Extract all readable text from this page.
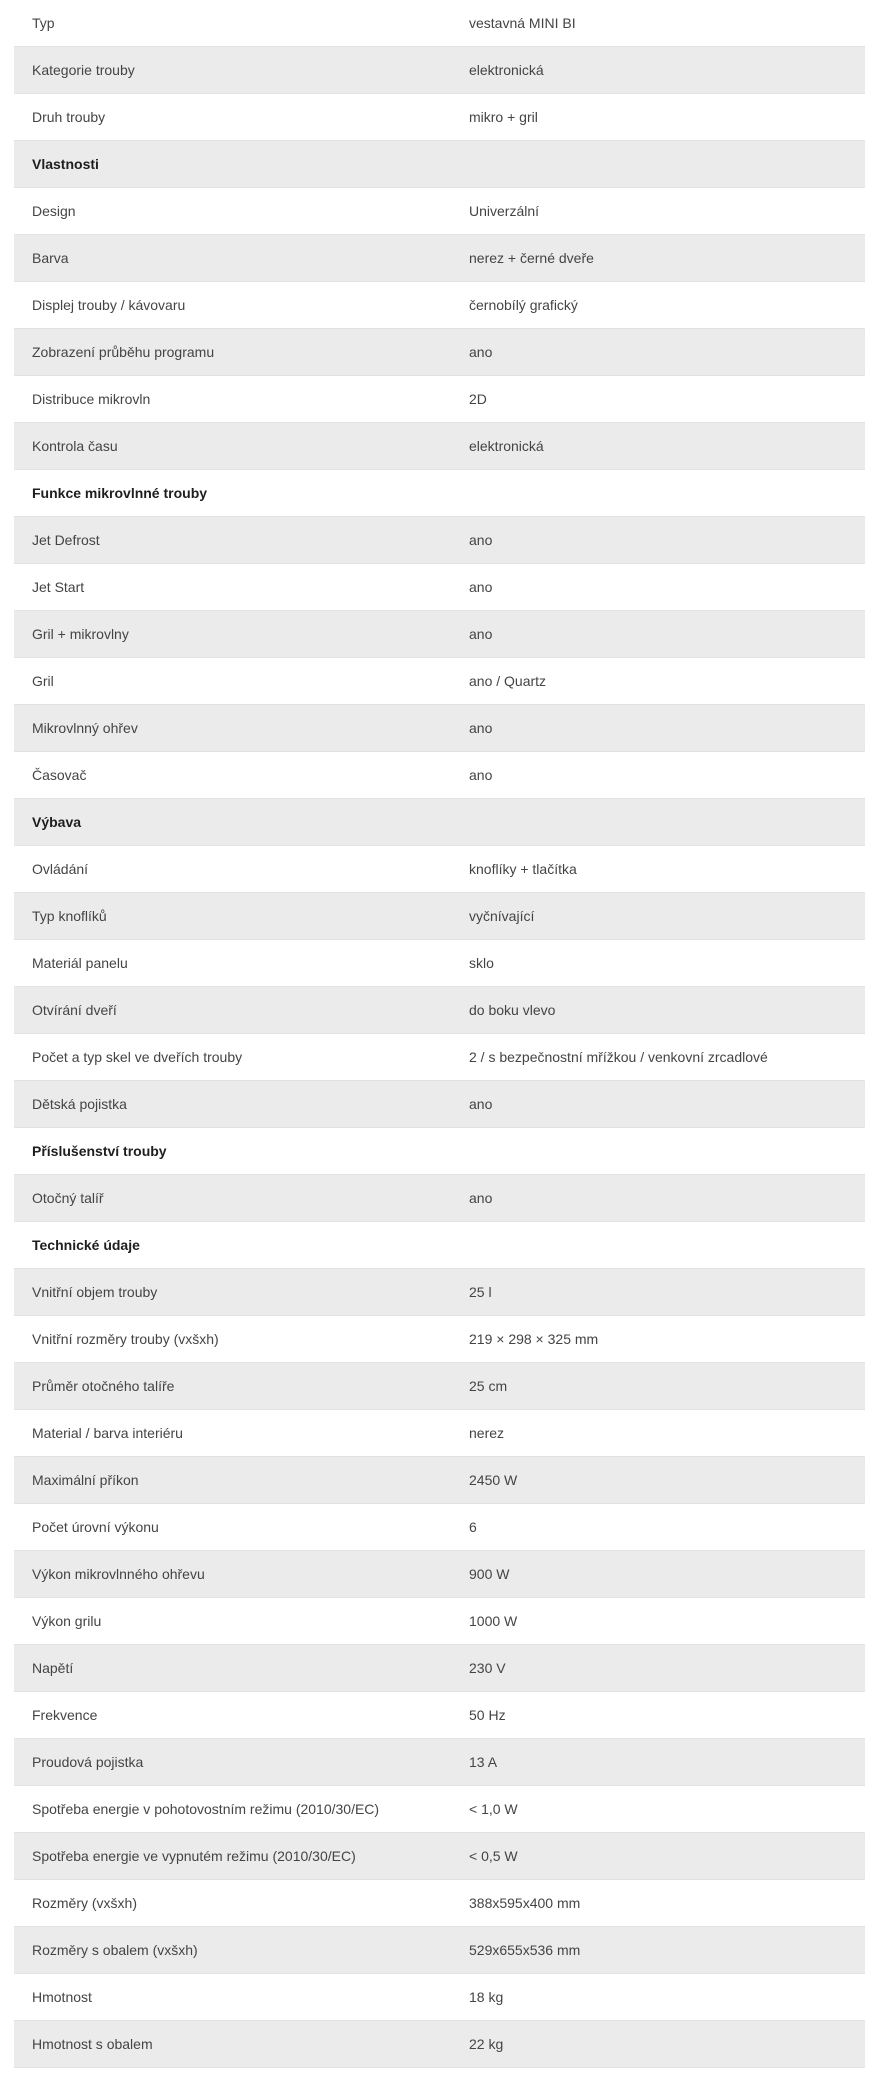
Typ	vestavná MINI BI
Kategorie trouby	elektronická
Druh trouby	mikro + gril
Vlastnosti
Design	Univerzální
Barva	nerez + černé dveře
Displej trouby / kávovaru	černobílý grafický
Zobrazení průběhu programu	ano
Distribuce mikrovln	2D
Kontrola času	elektronická
Funkce mikrovlnné trouby
Jet Defrost	ano
Jet Start	ano
Gril + mikrovlny	ano
Gril	ano / Quartz
Mikrovlnný ohřev	ano
Časovač	ano
Výbava
Ovládání	knoflíky + tlačítka
Typ knoflíků	vyčnívající
Materiál panelu	sklo
Otvírání dveří	do boku vlevo
Počet a typ skel ve dveřích trouby	2 / s bezpečnostní mřížkou / venkovní zrcadlové
Dětská pojistka	ano
Příslušenství trouby
Otočný talíř	ano
Technické údaje
Vnitřní objem trouby	25 l
Vnitřní rozměry trouby (vxšxh)	219 × 298 × 325 mm
Průměr otočného talíře	25 cm
Material / barva interiéru	nerez
Maximální příkon	2450 W
Počet úrovní výkonu	6
Výkon mikrovlnného ohřevu	900 W
Výkon grilu	1000 W
Napětí	230 V
Frekvence	50 Hz
Proudová pojistka	13 A
Spotřeba energie v pohotovostním režimu (2010/30/EC)	< 1,0 W
Spotřeba energie ve vypnutém režimu (2010/30/EC)	< 0,5 W
Rozměry (vxšxh)	388x595x400 mm
Rozměry s obalem (vxšxh)	529x655x536 mm
Hmotnost	18 kg
Hmotnost s obalem	22 kg
